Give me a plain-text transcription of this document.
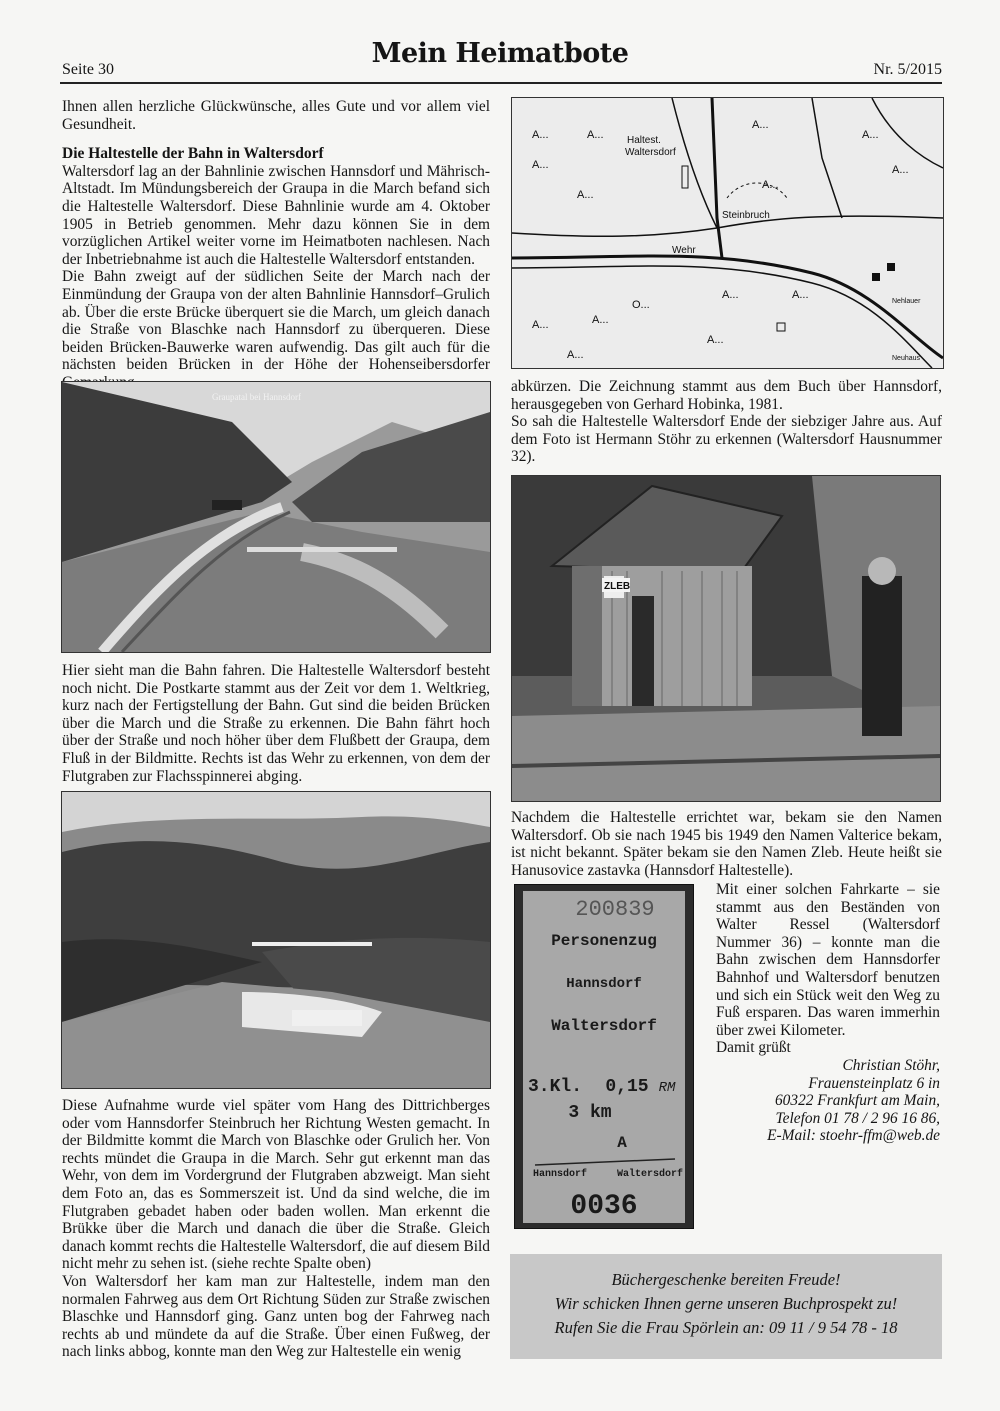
Seite 30
Mein Heimatbote
Nr. 5/2015

Ihnen allen herzliche Glückwünsche, alles Gute und vor allem viel Gesundheit.

Die Haltestelle der Bahn in Waltersdorf

Waltersdorf lag an der Bahnlinie zwischen Hannsdorf und Mährisch-Altstadt. Im Mündungsbereich der Graupa in die March befand sich die Haltestelle Waltersdorf. Diese Bahnlinie wurde am 4. Oktober 1905 in Betrieb genommen. Mehr dazu können Sie in dem vorzüglichen Artikel weiter vorne im Heimatboten nachlesen. Nach der Inbetriebnahme ist auch die Haltestelle Waltersdorf entstanden.

Die Bahn zweigt auf der südlichen Seite der March nach der Einmündung der Graupa von der alten Bahnlinie Hannsdorf–Grulich ab. Über die erste Brücke überquert sie die March, um gleich danach die Straße von Blaschke nach Hannsdorf zu überqueren. Diese beiden Brücken-Bauwerke waren aufwendig. Das gilt auch für die nächsten beiden Brücken in der Höhe der Hohenseibersdorfer

Graupatal bei Hannsdorf

Hier sieht man die Bahn fahren. Die Haltestelle Waltersdorf besteht noch nicht. Die Postkarte stammt aus der Zeit vor dem 1. Weltkrieg, kurz nach der Fertigstellung der Bahn. Gut sind die beiden Brücken über die March und die Straße zu erkennen. Die Bahn fährt hoch über der Straße und noch höher über dem Flußbett der Graupa, dem Fluß in der Bildmitte. Rechts ist das Wehr zu erkennen, von dem der Flutgraben zur Flachsspinnerei abging.

Diese Aufnahme wurde viel später vom Hang des Dittrichberges oder vom Hannsdorfer Steinbruch her Richtung Westen gemacht. In der Bildmitte kommt die March von Blaschke oder Grulich her. Von rechts mündet die Graupa in die March. Sehr gut erkennt man das Wehr, von dem im Vordergrund der Flutgraben abzweigt. Man sieht dem Foto an, das es Sommerszeit ist. Und da sind welche, die im Flutgraben gebadet haben oder baden wollen. Man erkennt die Brükke über die March und danach die über die Straße. Gleich danach kommt rechts die Haltestelle Waltersdorf, die auf diesem Bild nicht mehr zu sehen ist. (siehe rechte Spalte oben)

Von Waltersdorf her kam man zur Haltestelle, indem man den normalen Fahrweg aus dem Ort Richtung Süden zur Straße zwischen Blaschke und Hannsdorf ging. Ganz unten bog der Fahrweg nach rechts ab und mündete da auf die Straße. Über einen Fußweg, der nach links abbog, konnte man den Weg zur Haltestelle ein wenig

A...	A...
A...
A...
A...
A...
A...
A...
A...	A...
A...	A...
O...
A...
A...
Haltest.
Waltersdorf
Steinbruch
Wehr
Nehlauer
Neuhaus

abkürzen. Die Zeichnung stammt aus dem Buch über Hannsdorf, herausgegeben von Gerhard Hobinka, 1981.

So sah die Haltestelle Waltersdorf Ende der siebziger Jahre aus. Auf dem Foto ist Hermann Stöhr zu erkennen (Waltersdorf Hausnummer 32).

ZLEB

Nachdem die Haltestelle errichtet war, bekam sie den Namen Waltersdorf. Ob sie nach 1945 bis 1949 den Namen Valterice bekam, ist nicht bekannt. Später bekam sie den Namen Zleb. Heute heißt sie Hanusovice zastavka (Hannsdorf Haltestelle).

200839
Personenzug
Hannsdorf
Waltersdorf
3.Kl. 0,15 RM
3 km
A
Hannsdorf	Waltersdorf
0036

Mit einer solchen Fahrkarte – sie stammt aus den Beständen von Walter Ressel (Waltersdorf Nummer 36) – konnte man die Bahn zwischen dem Hannsdorfer Bahnhof und Waltersdorf benutzen und sich ein Stück weit den Weg zu Fuß ersparen. Das waren immerhin über zwei Kilometer.

Damit grüßt

Christian Stöhr,

Frauensteinplatz 6 in

60322 Frankfurt am Main,

Telefon 01 78 / 2 96 16 86,

E-Mail: stoehr-ffm@web.de

Büchergeschenke bereiten Freude!
Wir schicken Ihnen gerne unseren Buchprospekt zu!
Rufen Sie die Frau Spörlein an: 09 11 / 9 54 78 - 18
